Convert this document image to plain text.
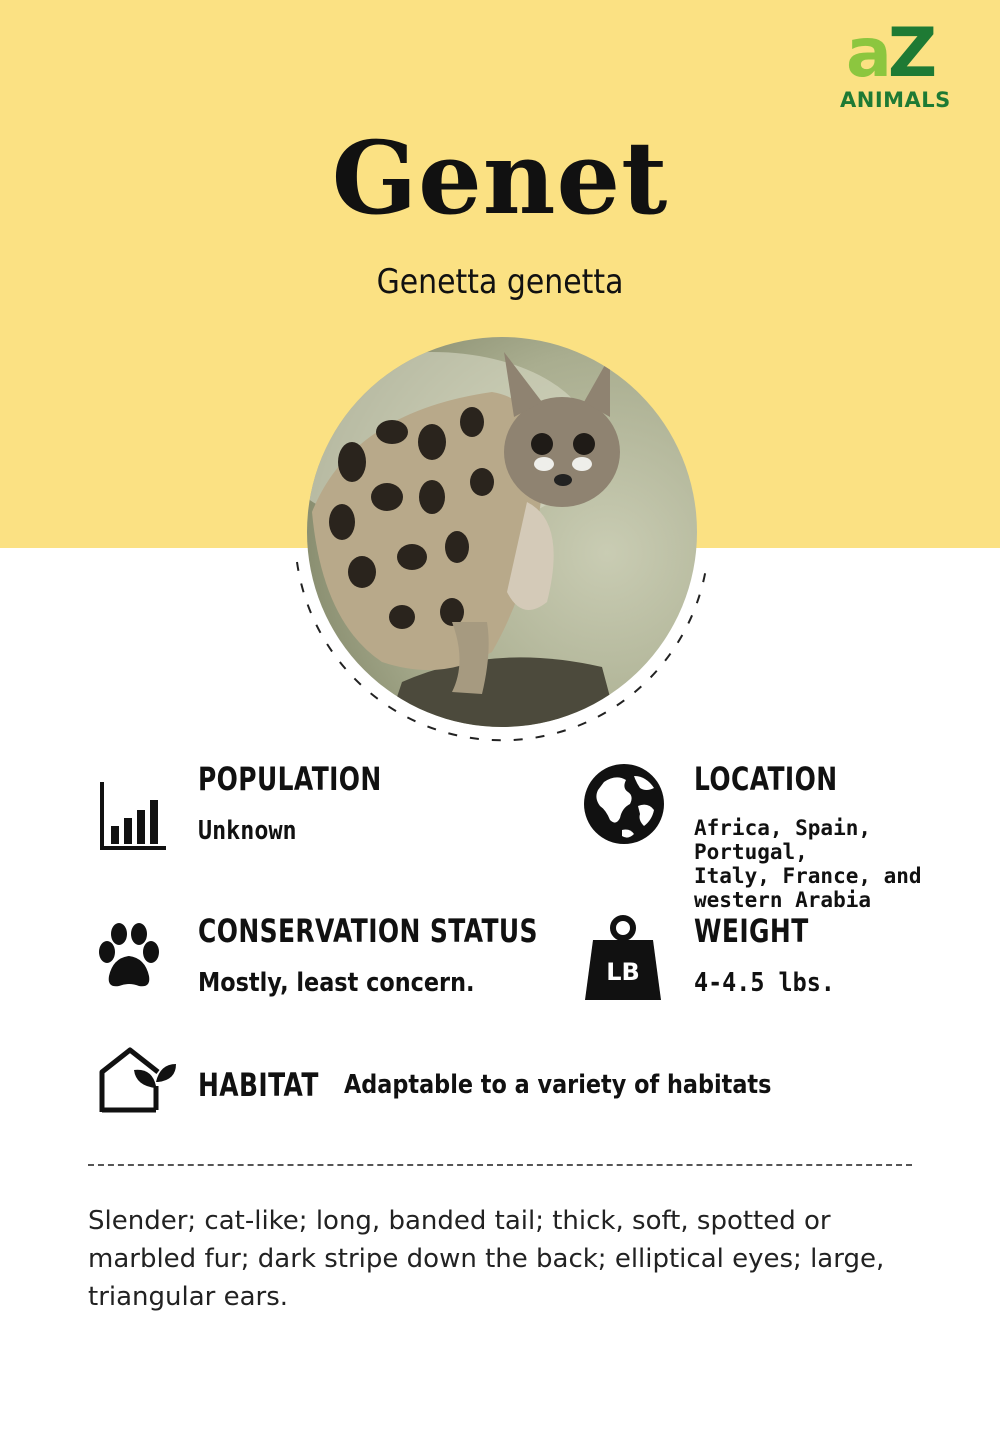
aZ
ANIMALS
Genet
Genetta genetta
POPULATION
Unknown
LOCATION
Africa, Spain, Portugal,
Italy, France, and
western Arabia
CONSERVATION STATUS
Mostly, least concern.	LB
WEIGHT
4-4.5 lbs.
HABITAT Adaptable to a variety of habitats
Slender; cat-like; long, banded tail; thick, soft, spotted or marbled fur; dark stripe down the back; elliptical eyes; large, triangular ears.
